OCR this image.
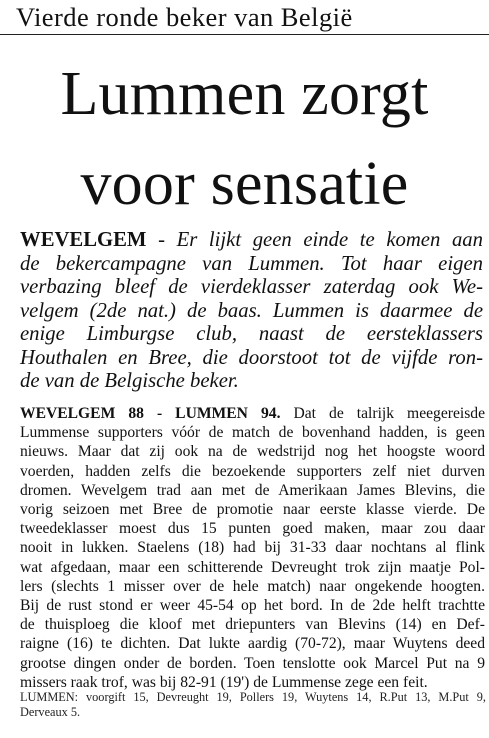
Vierde ronde beker van België
Lummen zorgt
voor sensatie
WEVELGEM - Er lijkt geen einde te komen aan
de bekercampagne van Lummen. Tot haar eigen
verbazing bleef de vierdeklasser zaterdag ook We-
velgem (2de nat.) de baas. Lummen is daarmee de
enige Limburgse club, naast de eersteklassers
Houthalen en Bree, die doorstoot tot de vijfde ron-
de van de Belgische beker.
WEVELGEM 88 - LUMMEN 94. Dat de talrijk meegereisde
Lummense supporters vóór de match de bovenhand hadden, is geen
nieuws. Maar dat zij ook na de wedstrijd nog het hoogste woord
voerden, hadden zelfs die bezoekende supporters zelf niet durven
dromen. Wevelgem trad aan met de Amerikaan James Blevins, die
vorig seizoen met Bree de promotie naar eerste klasse vierde. De
tweedeklasser moest dus 15 punten goed maken, maar zou daar
nooit in lukken. Staelens (18) had bij 31-33 daar nochtans al flink
wat afgedaan, maar een schitterende Devreught trok zijn maatje Pol-
lers (slechts 1 misser over de hele match) naar ongekende hoogten.
Bij de rust stond er weer 45-54 op het bord. In de 2de helft trachtte
de thuisploeg die kloof met driepunters van Blevins (14) en Def-
raigne (16) te dichten. Dat lukte aardig (70-72), maar Wuytens deed
grootse dingen onder de borden. Toen tenslotte ook Marcel Put na 9
missers raak trof, was bij 82-91 (19') de Lummense zege een feit.
LUMMEN: voorgift 15, Devreught 19, Pollers 19, Wuytens 14, R.Put 13, M.Put 9,
Derveaux 5.
